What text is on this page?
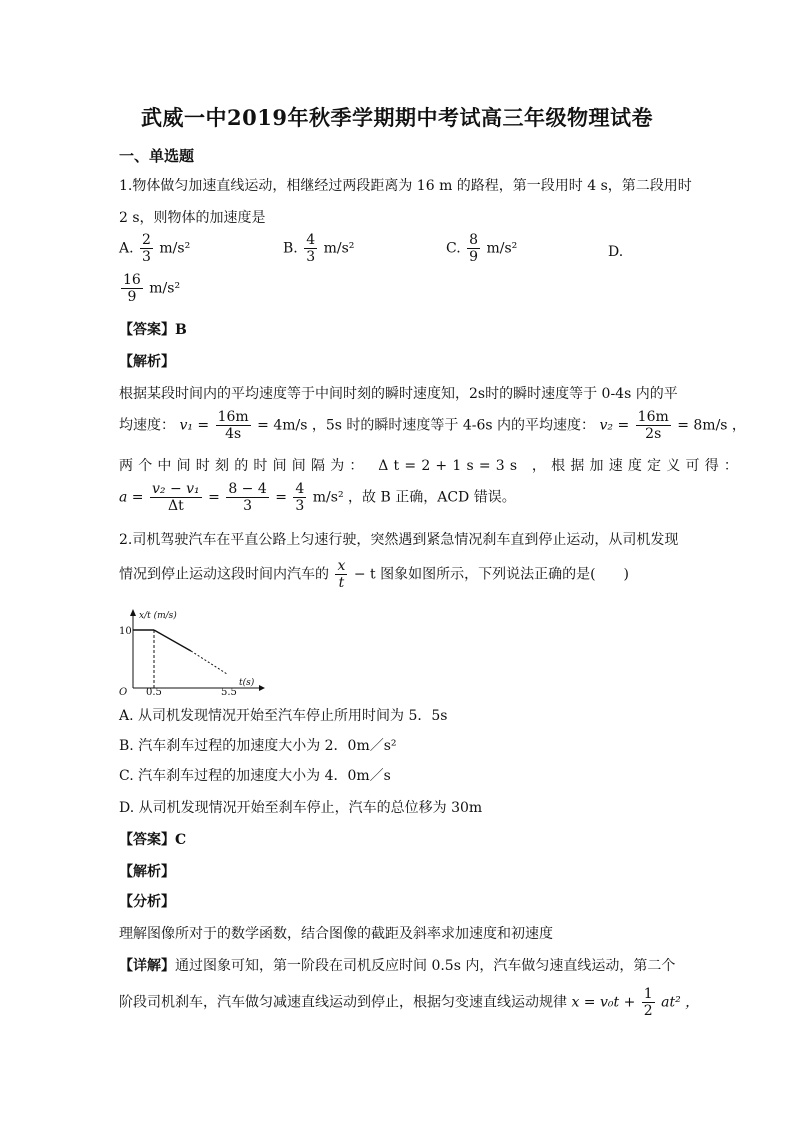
武威一中2019年秋季学期期中考试高三年级物理试卷
一、单选题
1.物体做匀加速直线运动，相继经过两段距离为 16 m 的路程，第一段用时 4 s，第二段用时
2 s，则物体的加速度是
A. $\frac{2}{3} m/s^2$	B. $\frac{4}{3} m/s^2$	C. $\frac{8}{9} m/s^2$	D.
$\frac{16}{9} m/s^2$
【答案】B
【解析】
根据某段时间内的平均速度等于中间时刻的瞬时速度知，2s时的瞬时速度等于 0-4s 内的平
均速度： $v_1 = \frac{16m}{4s} = 4m/s$ ，5s 时的瞬时速度等于 4-6s 内的平均速度： $v_2 = \frac{16m}{2s} = 8m/s$ ，
两个中间时刻的时间间隔为： Δt=2+1s=3s ，根据加速度定义可得：
$a = \frac{\text{v₂ − v₁}}{\Delta t} = \frac{8 - 4}{3} = \frac{4}{3} m/s^2$ ，故 B 正确，ACD 错误。
2.司机驾驶汽车在平直公路上匀速行驶，突然遇到紧急情况刹车直到停止运动，从司机发现
情况到停止运动这段时间内汽车的 $\frac{x}{t} - t$ 图象如图所示，下列说法正确的是(　　)
x/t (m/s)
10
O 0.5	5.5
t(s)
A. 从司机发现情况开始至汽车停止所用时间为 5．5s
B. 汽车刹车过程的加速度大小为 2．0m／s²
C. 汽车刹车过程的加速度大小为 4．0m／s
D. 从司机发现情况开始至刹车停止，汽车的总位移为 30m
【答案】C
【解析】
【分析】
理解图像所对于的数学函数，结合图像的截距及斜率求加速度和初速度
【详解】通过图象可知，第一阶段在司机反应时间 0.5s 内，汽车做匀速直线运动，第二个
阶段司机刹车，汽车做匀减速直线运动到停止，根据匀变速直线运动规律 $x = v_0t + \frac{1}{2} at^2$ ，
